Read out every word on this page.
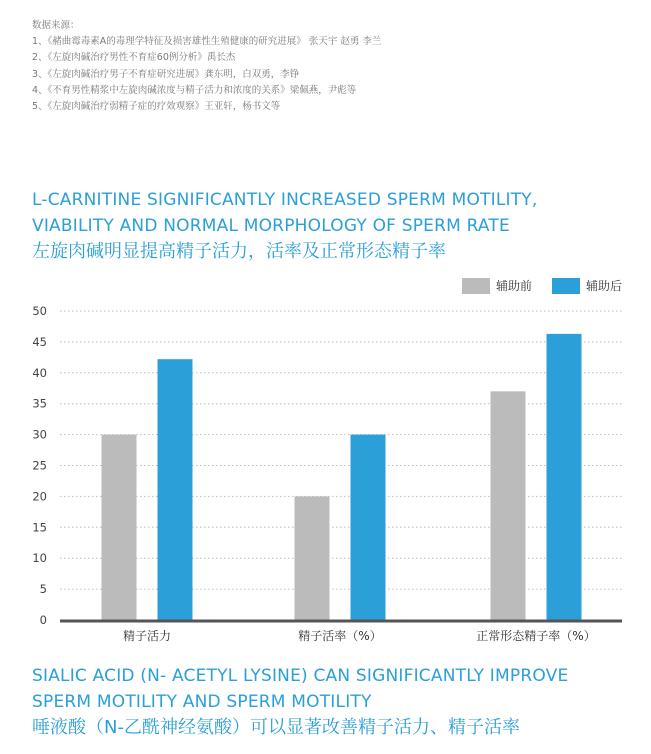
数据来源：
1、《赭曲霉毒素A的毒理学特征及损害雄性生殖健康的研究进展》 张天宇 赵勇 李兰
2、《左旋肉碱治疗男性不育症60例分析》禹长杰
3、《左旋肉碱治疗男子不育症研究进展》龚东明，白双勇，李铮
4、《不育男性精浆中左旋肉碱浓度与精子活力和浓度的关系》梁佩燕，尹彪等
5、《左旋肉碱治疗弱精子症的疗效观察》王亚轩，杨书文等
L-CARNITINE SIGNIFICANTLY INCREASED SPERM MOTILITY,
VIABILITY AND NORMAL MORPHOLOGY OF SPERM RATE
左旋肉碱明显提高精子活力，活率及正常形态精子率
0
5
10
15
20
25
30
35
40
45
50
精子活力	精子活率（%）	正常形态精子率（%）
辅助前	辅助后
SIALIC ACID (N- ACETYL LYSINE) CAN SIGNIFICANTLY IMPROVE
SPERM MOTILITY AND SPERM MOTILITY
唾液酸（N-乙酰神经氨酸）可以显著改善精子活力、精子活率
